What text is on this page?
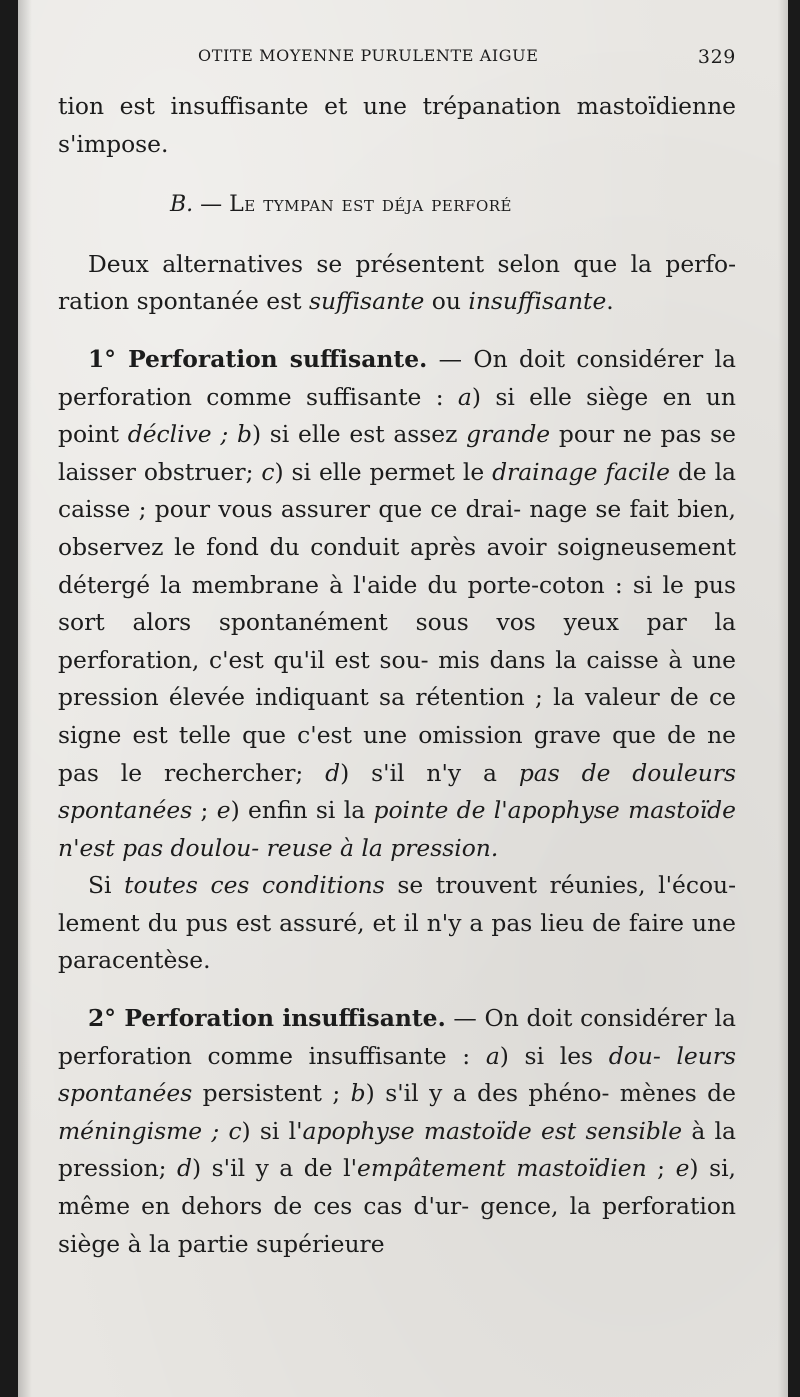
OTITE MOYENNE PURULENTE AIGUE	329

tion est insuffisante et une trépanation mastoïdienne s'impose.

B. — Le tympan est déja perforé

Deux alternatives se présentent selon que la perfo- ration spontanée est suffisante ou insuffisante.

1° Perforation suffisante. — On doit considérer la perforation comme suffisante : a) si elle siège en un point déclive ; b) si elle est assez grande pour ne pas se laisser obstruer; c) si elle permet le drainage facile de la caisse ; pour vous assurer que ce drai- nage se fait bien, observez le fond du conduit après avoir soigneusement détergé la membrane à l'aide du porte-coton : si le pus sort alors spontanément sous vos yeux par la perforation, c'est qu'il est sou- mis dans la caisse à une pression élevée indiquant sa rétention ; la valeur de ce signe est telle que c'est une omission grave que de ne pas le rechercher; d) s'il n'y a pas de douleurs spontanées ; e) enfin si la pointe de l'apophyse mastoïde n'est pas doulou- reuse à la pression.

Si toutes ces conditions se trouvent réunies, l'écou- lement du pus est assuré, et il n'y a pas lieu de faire une paracentèse.

2° Perforation insuffisante. — On doit considérer la perforation comme insuffisante : a) si les dou- leurs spontanées persistent ; b) s'il y a des phéno- mènes de méningisme ; c) si l'apophyse mastoïde est sensible à la pression; d) s'il y a de l'empâtement mastoïdien ; e) si, même en dehors de ces cas d'ur- gence, la perforation siège à la partie supérieure
